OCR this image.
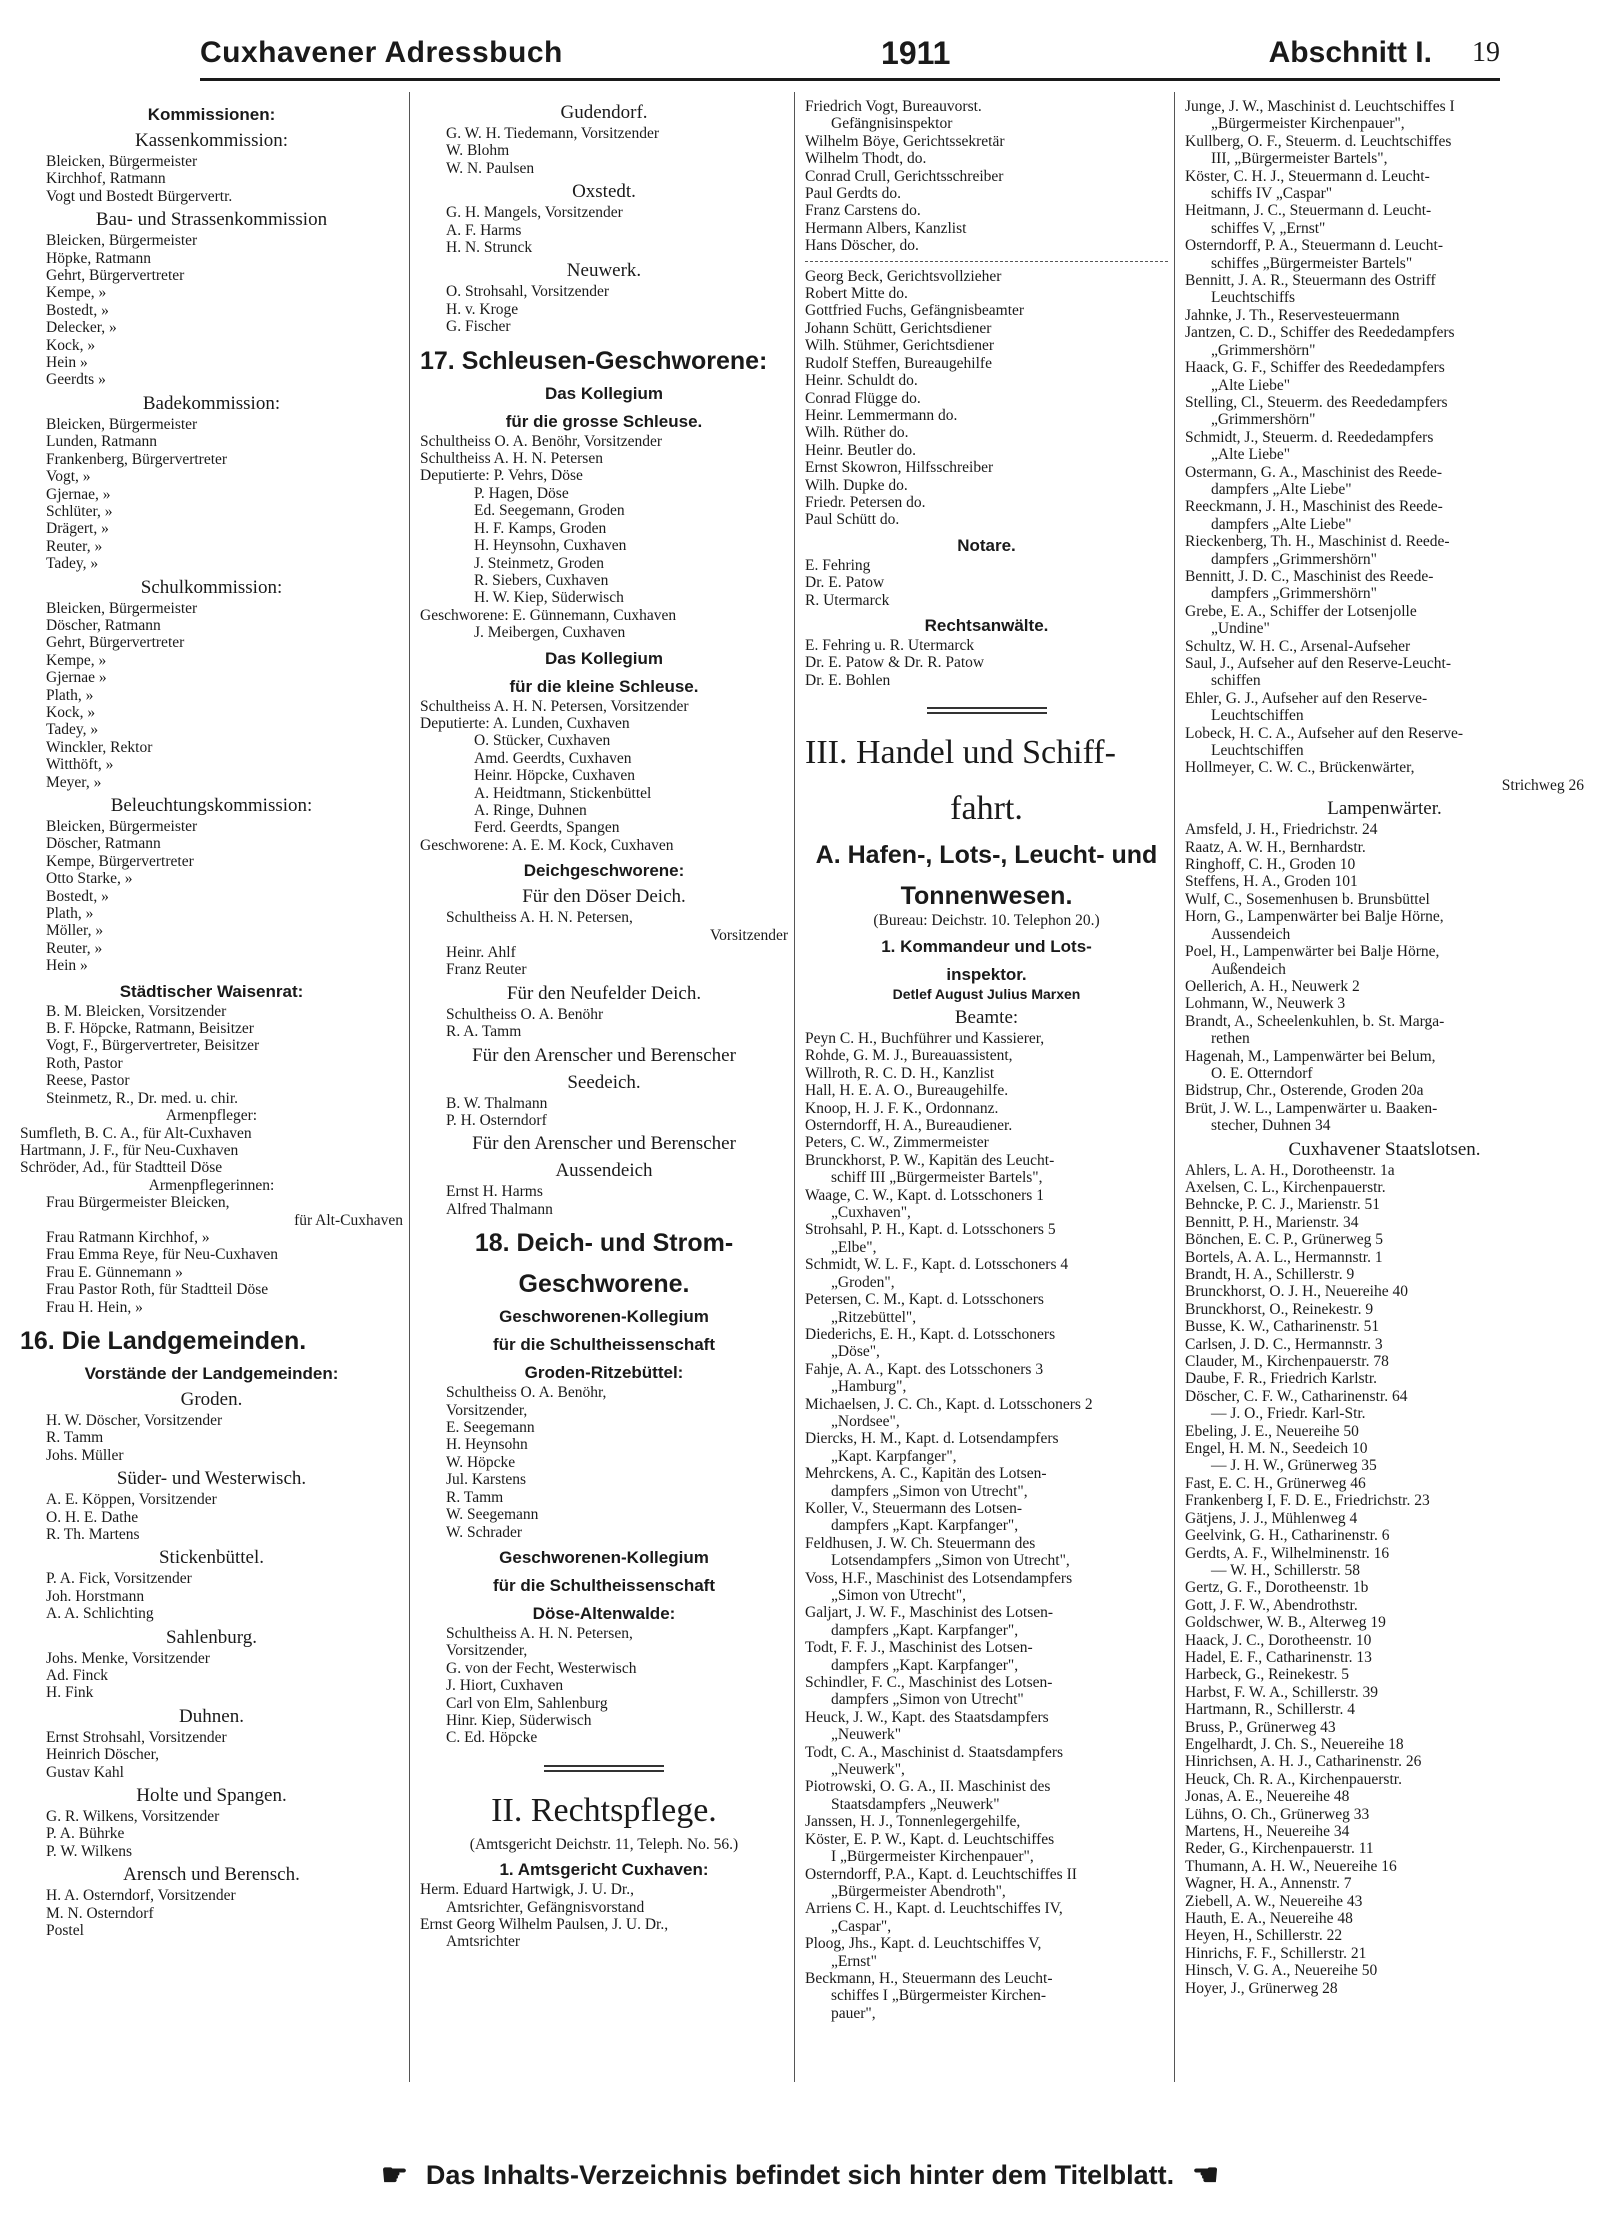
Cuxhavener Adressbuch	1911	Abschnitt I. 19
Kommissionen:
Kassenkommission:
Bleicken, Bürgermeister
Kirchhof, Ratmann
Vogt und Bostedt Bürgervertr.
Bau- und Strassenkommission
Bleicken, Bürgermeister
Höpke, Ratmann
Gehrt, Bürgervertreter
Kempe, »
Bostedt, »
Delecker, »
Kock, »
Hein »
Geerdts »
Badekommission:
Bleicken, Bürgermeister
Lunden, Ratmann
Frankenberg, Bürgervertreter
Vogt, »
Gjernae, »
Schlüter, »
Drägert, »
Reuter, »
Tadey, »
Schulkommission:
Bleicken, Bürgermeister
Döscher, Ratmann
Gehrt, Bürgervertreter
Kempe, »
Gjernae »
Plath, »
Kock, »
Tadey, »
Winckler, Rektor
Witthöft, »
Meyer, »
Beleuchtungskommission:
Bleicken, Bürgermeister
Döscher, Ratmann
Kempe, Bürgervertreter
Otto Starke, »
Bostedt, »
Plath, »
Möller, »
Reuter, »
Hein »
Städtischer Waisenrat:
B. M. Bleicken, Vorsitzender
B. F. Höpcke, Ratmann, Beisitzer
Vogt, F., Bürgervertreter, Beisitzer
Roth, Pastor
Reese, Pastor
Steinmetz, R., Dr. med. u. chir.
Armenpfleger:
Sumfleth, B. C. A., für Alt-Cuxhaven
Hartmann, J. F., für Neu-Cuxhaven
Schröder, Ad., für Stadtteil Döse
Armenpflegerinnen:
Frau Bürgermeister Bleicken,
für Alt-Cuxhaven
Frau Ratmann Kirchhof, »
Frau Emma Reye, für Neu-Cuxhaven
Frau E. Günnemann »
Frau Pastor Roth, für Stadtteil Döse
Frau H. Hein, »
16. Die Landgemeinden.
Vorstände der Landgemeinden:
Groden.
H. W. Döscher, Vorsitzender
R. Tamm
Johs. Müller
Süder- und Westerwisch.
A. E. Köppen, Vorsitzender
O. H. E. Dathe
R. Th. Martens
Stickenbüttel.
P. A. Fick, Vorsitzender
Joh. Horstmann
A. A. Schlichting
Sahlenburg.
Johs. Menke, Vorsitzender
Ad. Finck
H. Fink
Duhnen.
Ernst Strohsahl, Vorsitzender
Heinrich Döscher,
Gustav Kahl
Holte und Spangen.
G. R. Wilkens, Vorsitzender
P. A. Bührke
P. W. Wilkens
Arensch und Berensch.
H. A. Osterndorf, Vorsitzender
M. N. Osterndorf
Postel
Gudendorf.
G. W. H. Tiedemann, Vorsitzender
W. Blohm
W. N. Paulsen
Oxstedt.
G. H. Mangels, Vorsitzender
A. F. Harms
H. N. Strunck
Neuwerk.
O. Strohsahl, Vorsitzender
H. v. Kroge
G. Fischer
17. Schleusen-Geschworene:
Das Kollegium
für die grosse Schleuse.
Schultheiss O. A. Benöhr, Vorsitzender
Schultheiss A. H. N. Petersen
Deputierte: P. Vehrs, Döse
P. Hagen, Döse
Ed. Seegemann, Groden
H. F. Kamps, Groden
H. Heynsohn, Cuxhaven
J. Steinmetz, Groden
R. Siebers, Cuxhaven
H. W. Kiep, Süderwisch
Geschworene: E. Günnemann, Cuxhaven
J. Meibergen, Cuxhaven
Das Kollegium
für die kleine Schleuse.
Schultheiss A. H. N. Petersen, Vorsitzender
Deputierte: A. Lunden, Cuxhaven
O. Stücker, Cuxhaven
Amd. Geerdts, Cuxhaven
Heinr. Höpcke, Cuxhaven
A. Heidtmann, Stickenbüttel
A. Ringe, Duhnen
Ferd. Geerdts, Spangen
Geschworene: A. E. M. Kock, Cuxhaven
Deichgeschworene:
Für den Döser Deich.
Schultheiss A. H. N. Petersen,
Vorsitzender
Heinr. Ahlf
Franz Reuter
Für den Neufelder Deich.
Schultheiss O. A. Benöhr
R. A. Tamm
Für den Arenscher und Berenscher
Seedeich.
B. W. Thalmann
P. H. Osterndorf
Für den Arenscher und Berenscher
Aussendeich
Ernst H. Harms
Alfred Thalmann
18. Deich- und Strom-
Geschworene.
Geschworenen-Kollegium
für die Schultheissenschaft
Groden-Ritzebüttel:
Schultheiss O. A. Benöhr,
Vorsitzender,
E. Seegemann
H. Heynsohn
W. Höpcke
Jul. Karstens
R. Tamm
W. Seegemann
W. Schrader
Geschworenen-Kollegium
für die Schultheissenschaft
Döse-Altenwalde:
Schultheiss A. H. N. Petersen,
Vorsitzender,
G. von der Fecht, Westerwisch
J. Hiort, Cuxhaven
Carl von Elm, Sahlenburg
Hinr. Kiep, Süderwisch
C. Ed. Höpcke
II. Rechtspflege.
(Amtsgericht Deichstr. 11, Teleph. No. 56.)
1. Amtsgericht Cuxhaven:
Herm. Eduard Hartwigk, J. U. Dr.,
Amtsrichter, Gefängnisvorstand
Ernst Georg Wilhelm Paulsen, J. U. Dr.,
Amtsrichter
Friedrich Vogt, Bureauvorst.
Gefängnisinspektor
Wilhelm Böye, Gerichtssekretär
Wilhelm Thodt, do.
Conrad Crull, Gerichtsschreiber
Paul Gerdts do.
Franz Carstens do.
Hermann Albers, Kanzlist
Hans Döscher, do.
Georg Beck, Gerichtsvollzieher
Robert Mitte do.
Gottfried Fuchs, Gefängnisbeamter
Johann Schütt, Gerichtsdiener
Wilh. Stühmer, Gerichtsdiener
Rudolf Steffen, Bureaugehilfe
Heinr. Schuldt do.
Conrad Flügge do.
Heinr. Lemmermann do.
Wilh. Rüther do.
Heinr. Beutler do.
Ernst Skowron, Hilfsschreiber
Wilh. Dupke do.
Friedr. Petersen do.
Paul Schütt do.
Notare.
E. Fehring
Dr. E. Patow
R. Utermarck
Rechtsanwälte.
E. Fehring u. R. Utermarck
Dr. E. Patow & Dr. R. Patow
Dr. E. Bohlen
III. Handel und Schiff-
fahrt.
A. Hafen-, Lots-, Leucht- und
Tonnenwesen.
(Bureau: Deichstr. 10. Telephon 20.)
1. Kommandeur und Lots-
inspektor.
Detlef August Julius Marxen
Beamte:
Peyn C. H., Buchführer und Kassierer,
Rohde, G. M. J., Bureauassistent,
Willroth, R. C. D. H., Kanzlist
Hall, H. E. A. O., Bureaugehilfe.
Knoop, H. J. F. K., Ordonnanz.
Osterndorff, H. A., Bureaudiener.
Peters, C. W., Zimmermeister
Brunckhorst, P. W., Kapitän des Leucht-
schiff III „Bürgermeister Bartels",
Waage, C. W., Kapt. d. Lotsschoners 1
„Cuxhaven",
Strohsahl, P. H., Kapt. d. Lotsschoners 5
„Elbe",
Schmidt, W. L. F., Kapt. d. Lotsschoners 4
„Groden",
Petersen, C. M., Kapt. d. Lotsschoners
„Ritzebüttel",
Diederichs, E. H., Kapt. d. Lotsschoners
„Döse",
Fahje, A. A., Kapt. des Lotsschoners 3
„Hamburg",
Michaelsen, J. C. Ch., Kapt. d. Lotsschoners 2
„Nordsee",
Diercks, H. M., Kapt. d. Lotsendampfers
„Kapt. Karpfanger",
Mehrckens, A. C., Kapitän des Lotsen-
dampfers „Simon von Utrecht",
Koller, V., Steuermann des Lotsen-
dampfers „Kapt. Karpfanger",
Feldhusen, J. W. Ch. Steuermann des
Lotsendampfers „Simon von Utrecht",
Voss, H.F., Maschinist des Lotsendampfers
„Simon von Utrecht",
Galjart, J. W. F., Maschinist des Lotsen-
dampfers „Kapt. Karpfanger",
Todt, F. F. J., Maschinist des Lotsen-
dampfers „Kapt. Karpfanger",
Schindler, F. C., Maschinist des Lotsen-
dampfers „Simon von Utrecht"
Heuck, J. W., Kapt. des Staatsdampfers
„Neuwerk"
Todt, C. A., Maschinist d. Staatsdampfers
„Neuwerk",
Piotrowski, O. G. A., II. Maschinist des
Staatsdampfers „Neuwerk"
Janssen, H. J., Tonnenlegergehilfe,
Köster, E. P. W., Kapt. d. Leuchtschiffes
I „Bürgermeister Kirchenpauer",
Osterndorff, P.A., Kapt. d. Leuchtschiffes II
„Bürgermeister Abendroth",
Arriens C. H., Kapt. d. Leuchtschiffes IV,
„Caspar",
Ploog, Jhs., Kapt. d. Leuchtschiffes V,
„Ernst"
Beckmann, H., Steuermann des Leucht-
schiffes I „Bürgermeister Kirchen-
pauer",
Junge, J. W., Maschinist d. Leuchtschiffes I
„Bürgermeister Kirchenpauer",
Kullberg, O. F., Steuerm. d. Leuchtschiffes
III, „Bürgermeister Bartels",
Köster, C. H. J., Steuermann d. Leucht-
schiffs IV „Caspar"
Heitmann, J. C., Steuermann d. Leucht-
schiffes V, „Ernst"
Osterndorff, P. A., Steuermann d. Leucht-
schiffes „Bürgermeister Bartels"
Bennitt, J. A. R., Steuermann des Ostriff
Leuchtschiffs
Jahnke, J. Th., Reservesteuermann
Jantzen, C. D., Schiffer des Reededampfers
„Grimmershörn"
Haack, G. F., Schiffer des Reededampfers
„Alte Liebe"
Stelling, Cl., Steuerm. des Reededampfers
„Grimmershörn"
Schmidt, J., Steuerm. d. Reededampfers
„Alte Liebe"
Ostermann, G. A., Maschinist des Reede-
dampfers „Alte Liebe"
Reeckmann, J. H., Maschinist des Reede-
dampfers „Alte Liebe"
Rieckenberg, Th. H., Maschinist d. Reede-
dampfers „Grimmershörn"
Bennitt, J. D. C., Maschinist des Reede-
dampfers „Grimmershörn"
Grebe, E. A., Schiffer der Lotsenjolle
„Undine"
Schultz, W. H. C., Arsenal-Aufseher
Saul, J., Aufseher auf den Reserve-Leucht-
schiffen
Ehler, G. J., Aufseher auf den Reserve-
Leuchtschiffen
Lobeck, H. C. A., Aufseher auf den Reserve-
Leuchtschiffen
Hollmeyer, C. W. C., Brückenwärter,
Strichweg 26
Lampenwärter.
Amsfeld, J. H., Friedrichstr. 24
Raatz, A. W. H., Bernhardstr.
Ringhoff, C. H., Groden 10
Steffens, H. A., Groden 101
Wulf, C., Sosemenhusen b. Brunsbüttel
Horn, G., Lampenwärter bei Balje Hörne,
Aussendeich
Poel, H., Lampenwärter bei Balje Hörne,
Außendeich
Oellerich, A. H., Neuwerk 2
Lohmann, W., Neuwerk 3
Brandt, A., Scheelenkuhlen, b. St. Marga-
rethen
Hagenah, M., Lampenwärter bei Belum,
O. E. Otterndorf
Bidstrup, Chr., Osterende, Groden 20a
Brüt, J. W. L., Lampenwärter u. Baaken-
stecher, Duhnen 34
Cuxhavener Staatslotsen.
Ahlers, L. A. H., Dorotheenstr. 1a
Axelsen, C. L., Kirchenpauerstr.
Behncke, P. C. J., Marienstr. 51
Bennitt, P. H., Marienstr. 34
Bönchen, E. C. P., Grünerweg 5
Bortels, A. A. L., Hermannstr. 1
Brandt, H. A., Schillerstr. 9
Brunckhorst, O. J. H., Neuereihe 40
Brunckhorst, O., Reinekestr. 9
Busse, K. W., Catharinenstr. 51
Carlsen, J. D. C., Hermannstr. 3
Clauder, M., Kirchenpauerstr. 78
Daube, F. R., Friedrich Karlstr.
Döscher, C. F. W., Catharinenstr. 64
— J. O., Friedr. Karl-Str.
Ebeling, J. E., Neuereihe 50
Engel, H. M. N., Seedeich 10
— J. H. W., Grünerweg 35
Fast, E. C. H., Grünerweg 46
Frankenberg I, F. D. E., Friedrichstr. 23
Gätjens, J. J., Mühlenweg 4
Geelvink, G. H., Catharinenstr. 6
Gerdts, A. F., Wilhelminenstr. 16
— W. H., Schillerstr. 58
Gertz, G. F., Dorotheenstr. 1b
Gott, J. F. W., Abendrothstr.
Goldschwer, W. B., Alterweg 19
Haack, J. C., Dorotheenstr. 10
Hadel, E. F., Catharinenstr. 13
Harbeck, G., Reinekestr. 5
Harbst, F. W. A., Schillerstr. 39
Hartmann, R., Schillerstr. 4
Bruss, P., Grünerweg 43
Engelhardt, J. Ch. S., Neuereihe 18
Hinrichsen, A. H. J., Catharinenstr. 26
Heuck, Ch. R. A., Kirchenpauerstr.
Jonas, A. E., Neuereihe 48
Lühns, O. Ch., Grünerweg 33
Martens, H., Neuereihe 34
Reder, G., Kirchenpauerstr. 11
Thumann, A. H. W., Neuereihe 16
Wagner, H. A., Annenstr. 7
Ziebell, A. W., Neuereihe 43
Hauth, E. A., Neuereihe 48
Heyen, H., Schillerstr. 22
Hinrichs, F. F., Schillerstr. 21
Hinsch, V. G. A., Neuereihe 50
Hoyer, J., Grünerweg 28
☛ Das Inhalts-Verzeichnis befindet sich hinter dem Titelblatt. ☚
